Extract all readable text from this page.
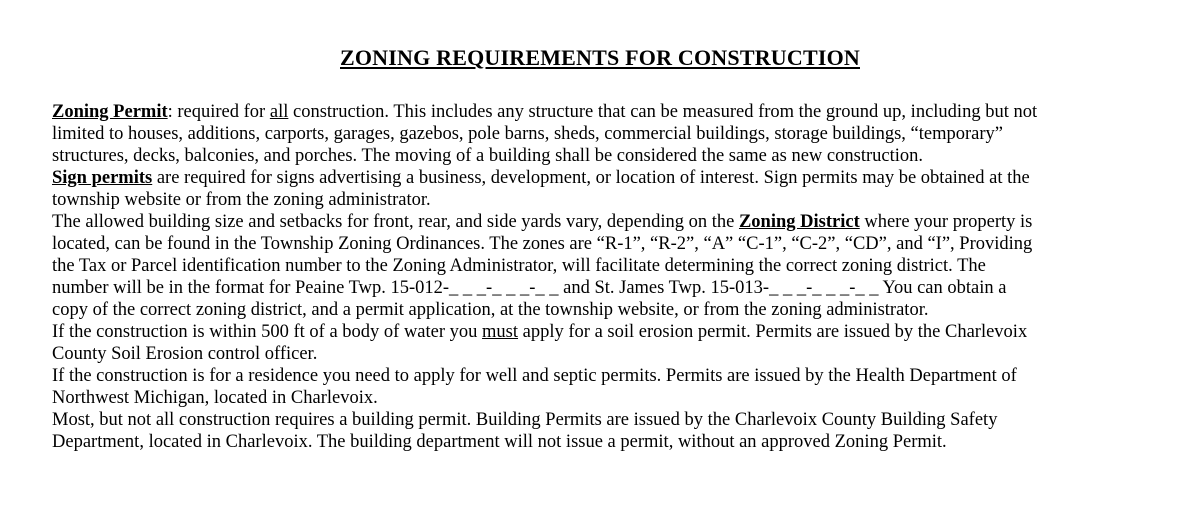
ZONING REQUIREMENTS FOR CONSTRUCTION
Zoning Permit: required for all construction. This includes any structure that can be measured from the ground up, including but not
limited to houses, additions, carports, garages, gazebos, pole barns, sheds, commercial buildings, storage buildings, “temporary”
structures, decks, balconies, and porches. The moving of a building shall be considered the same as new construction.
Sign permits are required for signs advertising a business, development, or location of interest. Sign permits may be obtained at the
township website or from the zoning administrator.
The allowed building size and setbacks for front, rear, and side yards vary, depending on the Zoning District where your property is
located, can be found in the Township Zoning Ordinances. The zones are “R-1”, “R-2”, “A” “C-1”, “C-2”, “CD”, and “I”, Providing
the Tax or Parcel identification number to the Zoning Administrator, will facilitate determining the correct zoning district. The
number will be in the format for Peaine Twp. 15-012-_ _ _-_ _ _-_ _ and St. James Twp. 15-013-_ _ _-_ _ _-_ _ You can obtain a
copy of the correct zoning district, and a permit application, at the township website, or from the zoning administrator.
If the construction is within 500 ft of a body of water you must apply for a soil erosion permit. Permits are issued by the Charlevoix
County Soil Erosion control officer.
If the construction is for a residence you need to apply for well and septic permits. Permits are issued by the Health Department of
Northwest Michigan, located in Charlevoix.
Most, but not all construction requires a building permit. Building Permits are issued by the Charlevoix County Building Safety
Department, located in Charlevoix. The building department will not issue a permit, without an approved Zoning Permit.
